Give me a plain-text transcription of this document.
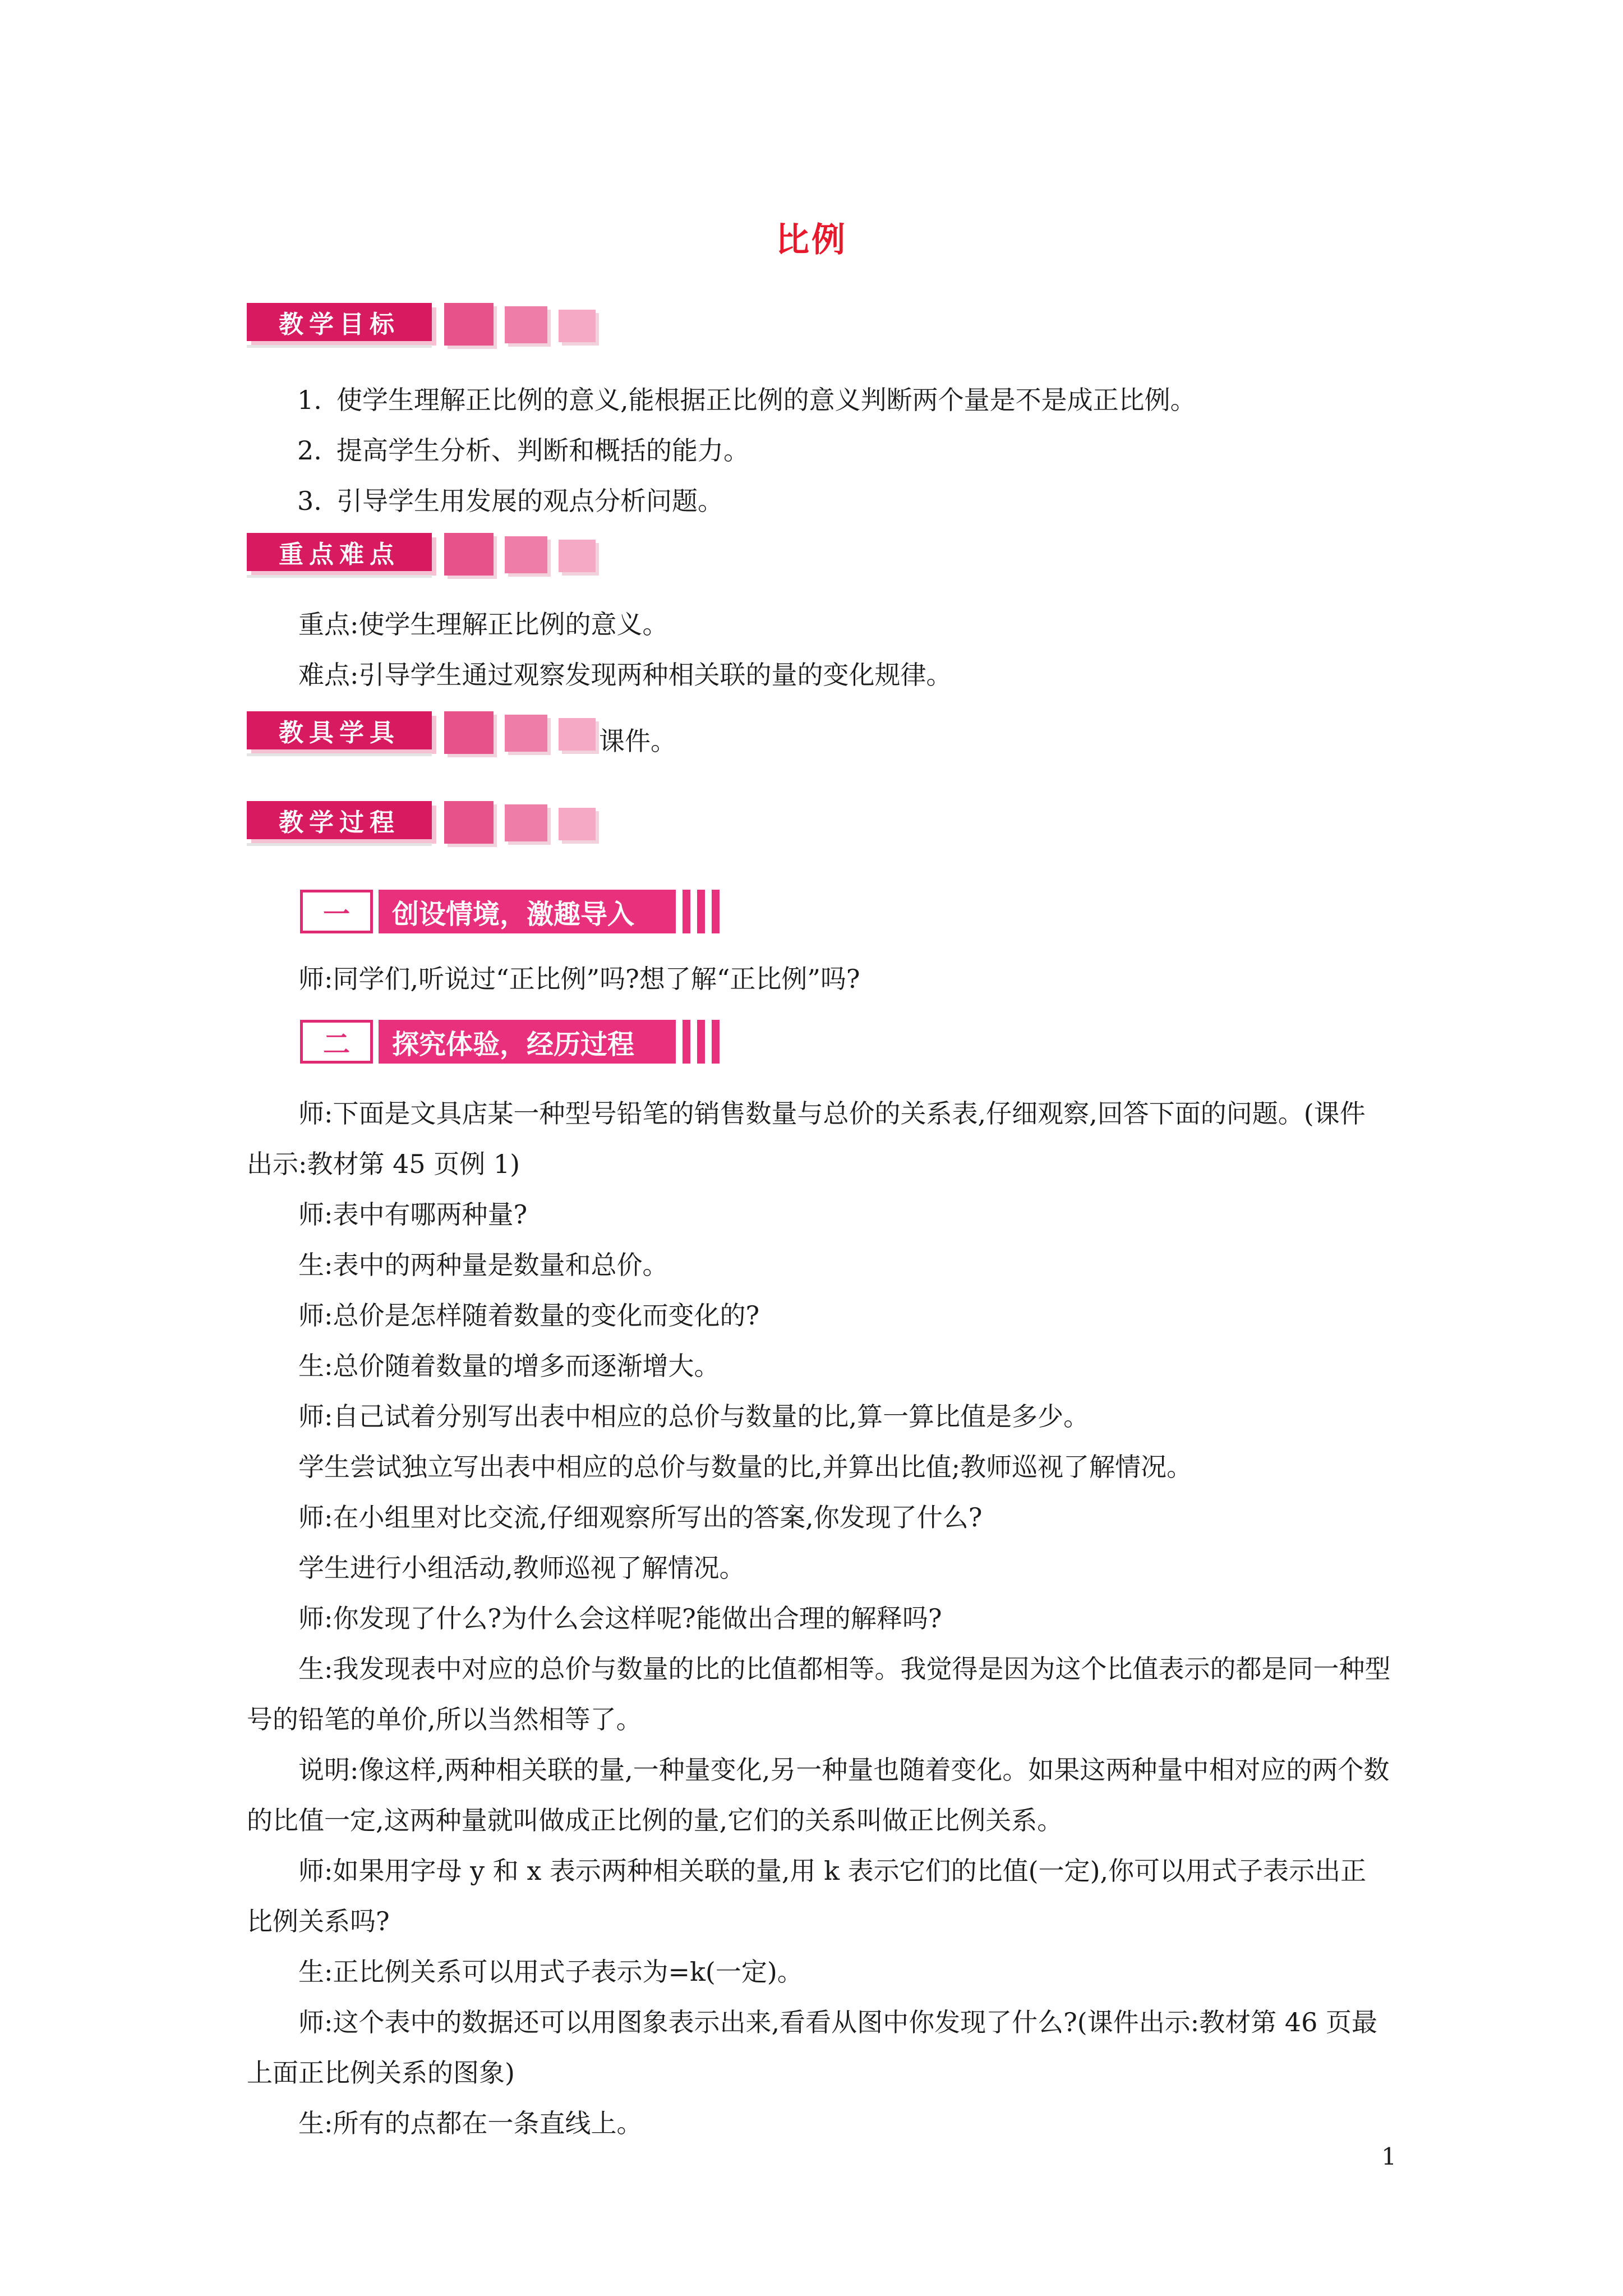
比例
教学目标

1. 使学生理解正比例的意义,能根据正比例的意义判断两个量是不是成正比例。

2. 提高学生分析、判断和概括的能力。

3. 引导学生用发展的观点分析问题。

重点难点

重点:使学生理解正比例的意义。

难点:引导学生通过观察发现两种相关联的量的变化规律。

教具学具	课件。
教学过程
一	创设情境，激趣导入

师:同学们,听说过“正比例”吗?想了解“正比例”吗?

二	探究体验，经历过程

师:下面是文具店某一种型号铅笔的销售数量与总价的关系表,仔细观察,回答下面的问题。(课件出示:教材第 45 页例 1)

师:表中有哪两种量?

生:表中的两种量是数量和总价。

师:总价是怎样随着数量的变化而变化的?

生:总价随着数量的增多而逐渐增大。

师:自己试着分别写出表中相应的总价与数量的比,算一算比值是多少。

学生尝试独立写出表中相应的总价与数量的比,并算出比值;教师巡视了解情况。

师:在小组里对比交流,仔细观察所写出的答案,你发现了什么?

学生进行小组活动,教师巡视了解情况。

师:你发现了什么?为什么会这样呢?能做出合理的解释吗?

生:我发现表中对应的总价与数量的比的比值都相等。我觉得是因为这个比值表示的都是同一种型号的铅笔的单价,所以当然相等了。

说明:像这样,两种相关联的量,一种量变化,另一种量也随着变化。如果这两种量中相对应的两个数的比值一定,这两种量就叫做成正比例的量,它们的关系叫做正比例关系。

师:如果用字母 y 和 x 表示两种相关联的量,用 k 表示它们的比值(一定),你可以用式子表示出正比例关系吗?

生:正比例关系可以用式子表示为=k(一定)。

师:这个表中的数据还可以用图象表示出来,看看从图中你发现了什么?(课件出示:教材第 46 页最上面正比例关系的图象)

生:所有的点都在一条直线上。

1
